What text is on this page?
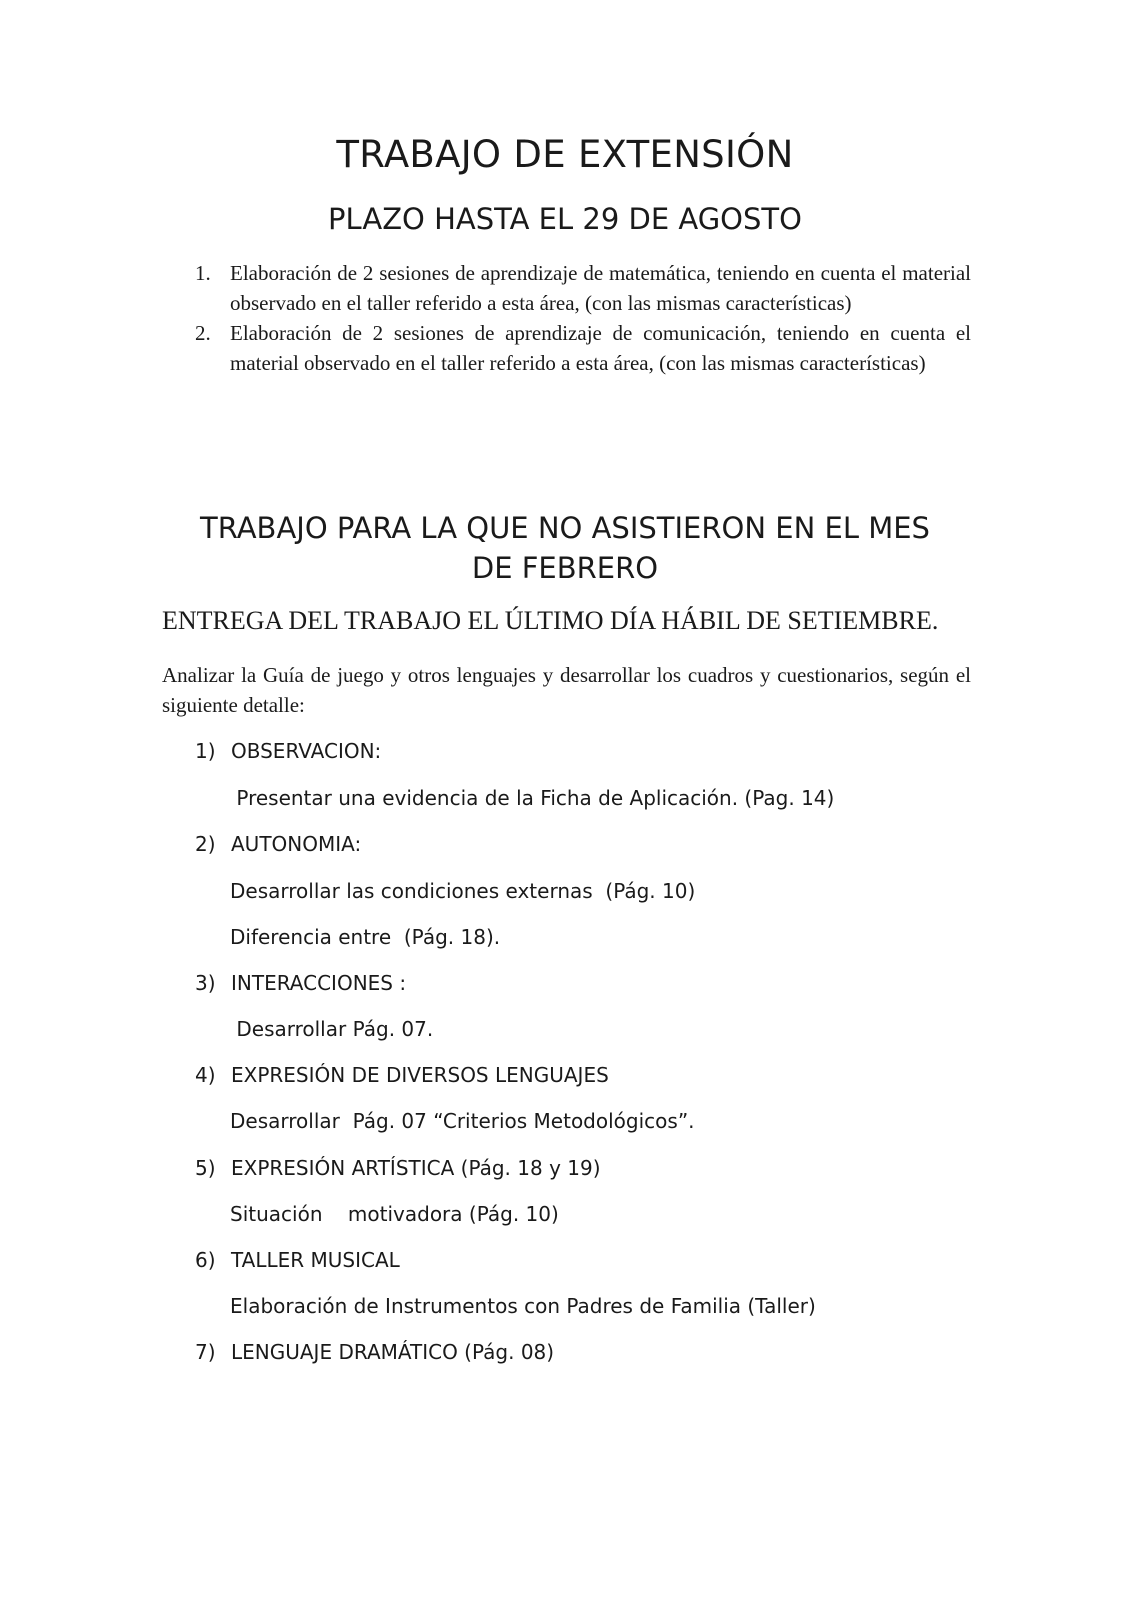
TRABAJO DE EXTENSIÓN
PLAZO HASTA EL 29 DE AGOSTO
1. Elaboración de 2 sesiones de aprendizaje de matemática, teniendo en cuenta el material observado en el taller referido a esta área, (con las mismas características)
2. Elaboración de 2 sesiones de aprendizaje de comunicación, teniendo en cuenta el material observado en el taller referido a esta área, (con las mismas características)
TRABAJO PARA LA QUE NO ASISTIERON EN EL MES
DE FEBRERO

ENTREGA DEL TRABAJO EL ÚLTIMO DÍA HÁBIL DE SETIEMBRE.

Analizar la Guía de juego y otros lenguajes y desarrollar los cuadros y cuestionarios, según el siguiente detalle:

1) OBSERVACION:

Presentar una evidencia de la Ficha de Aplicación. (Pag. 14)

2) AUTONOMIA:

Desarrollar las condiciones externas  (Pág. 10)

Diferencia entre  (Pág. 18).

3) INTERACCIONES :

Desarrollar Pág. 07.

4) EXPRESIÓN DE DIVERSOS LENGUAJES

Desarrollar  Pág. 07 “Criterios Metodológicos”.

5) EXPRESIÓN ARTÍSTICA (Pág. 18 y 19)

Situación    motivadora (Pág. 10)

6) TALLER MUSICAL

Elaboración de Instrumentos con Padres de Familia (Taller)

7) LENGUAJE DRAMÁTICO (Pág. 08)
